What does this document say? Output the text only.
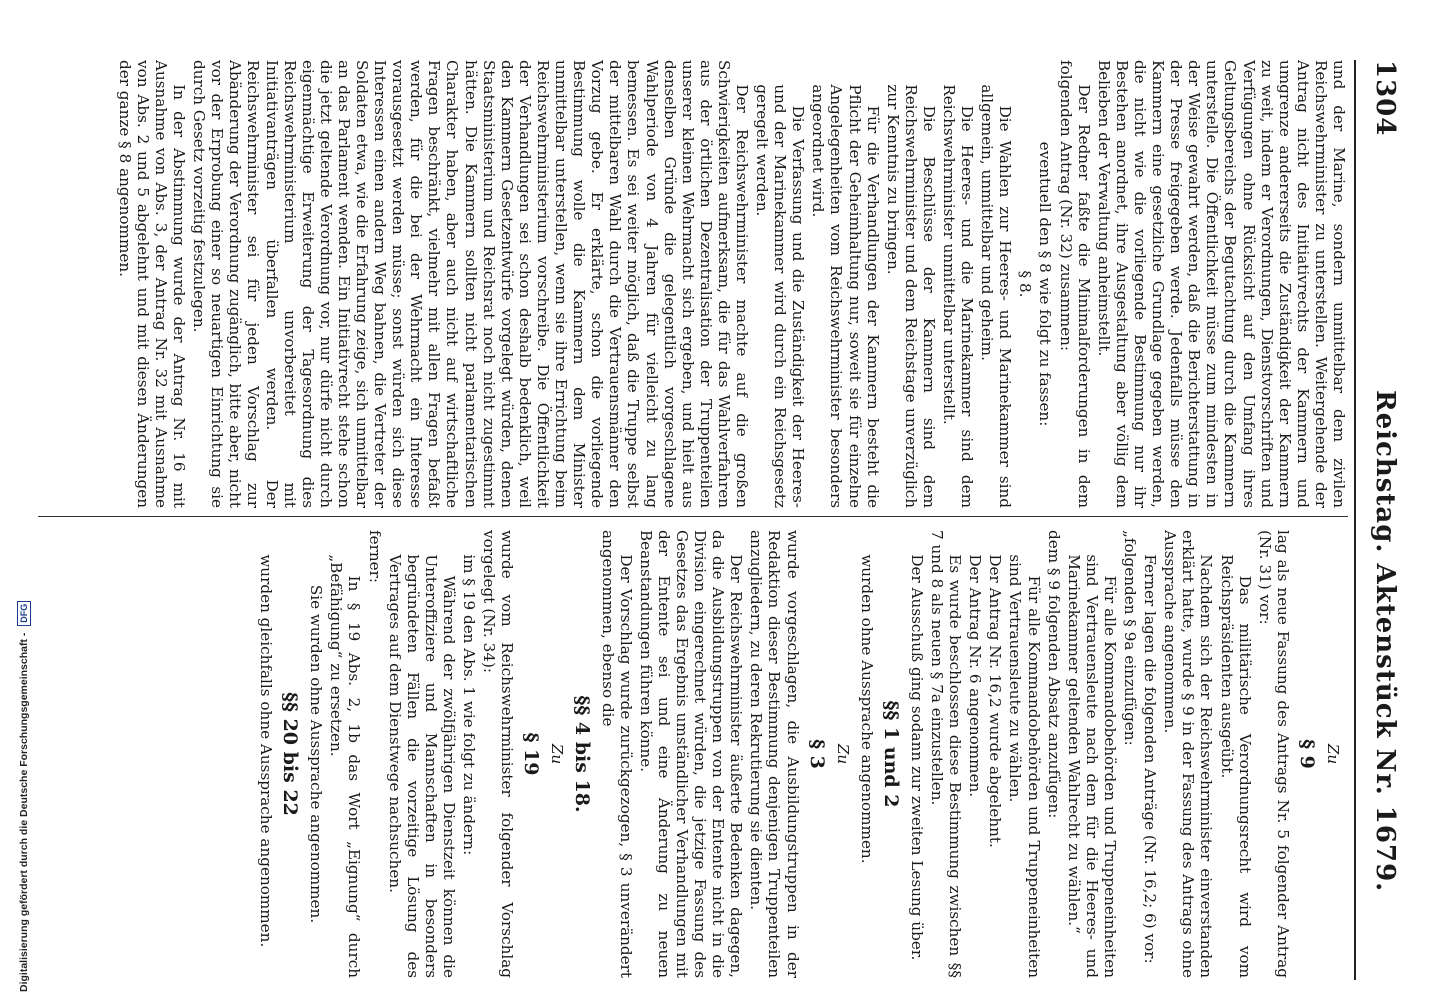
Digitalisierung gefördert durch die Deutsche Forschungsgemeinschaft - DFG
1304
Reichstag. Aktenstück Nr. 1679.

und der Marine, sondern unmittelbar dem zivilen Reichswehrminister zu unterstellen. Weitergehende der Antrag nicht des Initiativrechts der Kammern und umgrenze andererseits die Zuständigkeit der Kammern zu weit, indem er Verordnungen, Dienstvorschriften und Verfügungen ohne Rücksicht auf den Umfang ihres Geltungsbereichs der Begutachtung durch die Kammern unterstelle. Die Öffentlichkeit müsse zum mindesten in der Weise gewahrt werden, daß die Berichterstattung in der Presse freigegeben werde. Jedenfalls müsse den Kammern eine gesetzliche Grundlage gegeben werden, die nicht wie die vorliegende Bestimmung nur ihr Bestehen anordnet, ihre Ausgestaltung aber völlig dem Belieben der Verwaltung anheimstellt.

Der Redner faßte die Minimalforderungen in dem folgenden Antrag (Nr. 32) zusammen:

eventuell den § 8 wie folgt zu fassen:

§ 8.

Die Wahlen zur Heeres- und Marinekammer sind allgemein, unmittelbar und geheim.

Die Heeres- und die Marinekammer sind dem Reichswehrminister unmittelbar unterstellt.

Die Beschlüsse der Kammern sind dem Reichswehrminister und dem Reichstage unverzüglich zur Kenntnis zu bringen.

Für die Verhandlungen der Kammern besteht die Pflicht der Geheimhaltung nur, soweit sie für einzelne Angelegenheiten vom Reichswehrminister besonders angeordnet wird.

Die Verfassung und die Zuständigkeit der Heeres- und der Marinekammer wird durch ein Reichsgesetz geregelt werden.

Der Reichswehrminister machte auf die großen Schwierigkeiten aufmerksam, die für das Wahlverfahren aus der örtlichen Dezentralisation der Truppenteilen unserer kleinen Wehrmacht sich ergeben, und hielt aus denselben Gründe die gelegentlich vorgeschlagene Wahlperiode von 4 Jahren für vielleicht zu lang bemessen. Es sei weiter möglich, daß die Truppe selbst der mittelbaren Wahl durch die Vertrauensmänner den Vorzug gebe. Er erklärte, schon die vorliegende Bestimmung wolle die Kammern dem Minister unmittelbar unterstellen, wenn sie ihre Errichtung beim Reichswehrministerium vorschreibe. Die Öffentlichkeit der Verhandlungen sei schon deshalb bedenklich, weil den Kammern Gesetzentwürfe vorgelegt würden, denen Staatsministerium und Reichsrat noch nicht zugestimmt hätten. Die Kammern sollten nicht parlamentarischen Charakter haben, aber auch nicht auf wirtschaftliche Fragen beschränkt, vielmehr mit allen Fragen befaßt werden, für die bei der Wehrmacht ein Interesse vorausgesetzt werden müsse; sonst würden sich diese Interessen einen andern Weg bahnen, die Vertreter der Soldaten etwa, wie die Erfahrung zeige, sich unmittelbar an das Parlament wenden. Ein Initiativrecht stehe schon die jetzt geltende Verordnung vor, nur dürfe nicht durch eigenmächtige Erweiterung der Tagesordnung dies Reichswehrministerium unvorbereitet mit Initiativanträgen überfallen werden. Der Reichswehrminister sei für jeden Vorschlag zur Abänderung der Verordnung zugänglich, bitte aber, nicht vor der Erprobung einer so neuartigen Einrichtung sie durch Gesetz vorzeitig festzulegen.

In der Abstimmung wurde der Antrag Nr. 16 mit Ausnahme von Abs. 3, der Antrag Nr. 32 mit Ausnahme von Abs. 2 und 5 abgelehnt und mit diesen Änderungen der ganze § 8 angenommen.

Zu

§ 9

lag als neue Fassung des Antrags Nr. 5 folgender Antrag (Nr. 31) vor:

Das militärische Verordnungsrecht wird vom Reichspräsidenten ausgeübt.

Nachdem sich der Reichswehrminister einverstanden erklärt hatte, wurde § 9 in der Fassung des Antrags ohne Aussprache angenommen.

Ferner lagen die folgenden Anträge (Nr. 16,2; 6) vor:

„folgenden § 9a einzufügen:

Für alle Kommandobehörden und Truppeneinheiten sind Vertrauensleute nach dem für die Heeres- und Marinekammer geltenden Wahlrecht zu wählen.“

dem § 9 folgenden Absatz anzufügen:

Für alle Kommandobehörden und Truppeneinheiten sind Vertrauensleute zu wählen.

Der Antrag Nr. 16,2 wurde abgelehnt.

Der Antrag Nr. 6 angenommen.

Es wurde beschlossen diese Bestimmung zwischen §§ 7 und 8 als neuen § 7a einzustellen.

Der Ausschuß ging sodann zur zweiten Lesung über.

§§ 1 und 2

wurden ohne Aussprache angenommen.

Zu

§ 3

wurde vorgeschlagen, die Ausbildungstruppen in der Redaktion dieser Bestimmung denjenigen Truppenteilen anzugliedern, zu deren Rekrutierung sie dienten.

Der Reichswehrminister äußerte Bedenken dagegen, da die Ausbildungstruppen von der Entente nicht in die Division eingerechnet würden, die jetzige Fassung des Gesetzes das Ergebnis umständlicher Verhandlungen mit der Entente sei und eine Änderung zu neuen Beanstandungen führen könne.

Der Vorschlag wurde zurückgezogen, § 3 unverändert angenommen, ebenso die

§§ 4 bis 18.

Zu

§ 19

wurde vom Reichswehrminister folgender Vorschlag vorgelegt (Nr. 34):

im § 19 den Abs. 1 wie folgt zu ändern:

Während der zwölfjährigen Dienstzeit können die Unteroffiziere und Mannschaften in besonders begründeten Fällen die vorzeitige Lösung des Vertrages auf dem Dienstwege nachsuchen.

ferner:

In § 19 Abs. 2, 1b das Wort „Eignung“ durch „Befähigung“ zu ersetzen.

Sie wurden ohne Aussprache angenommen.

§§ 20 bis 22

wurden gleichfalls ohne Aussprache angenommen.
